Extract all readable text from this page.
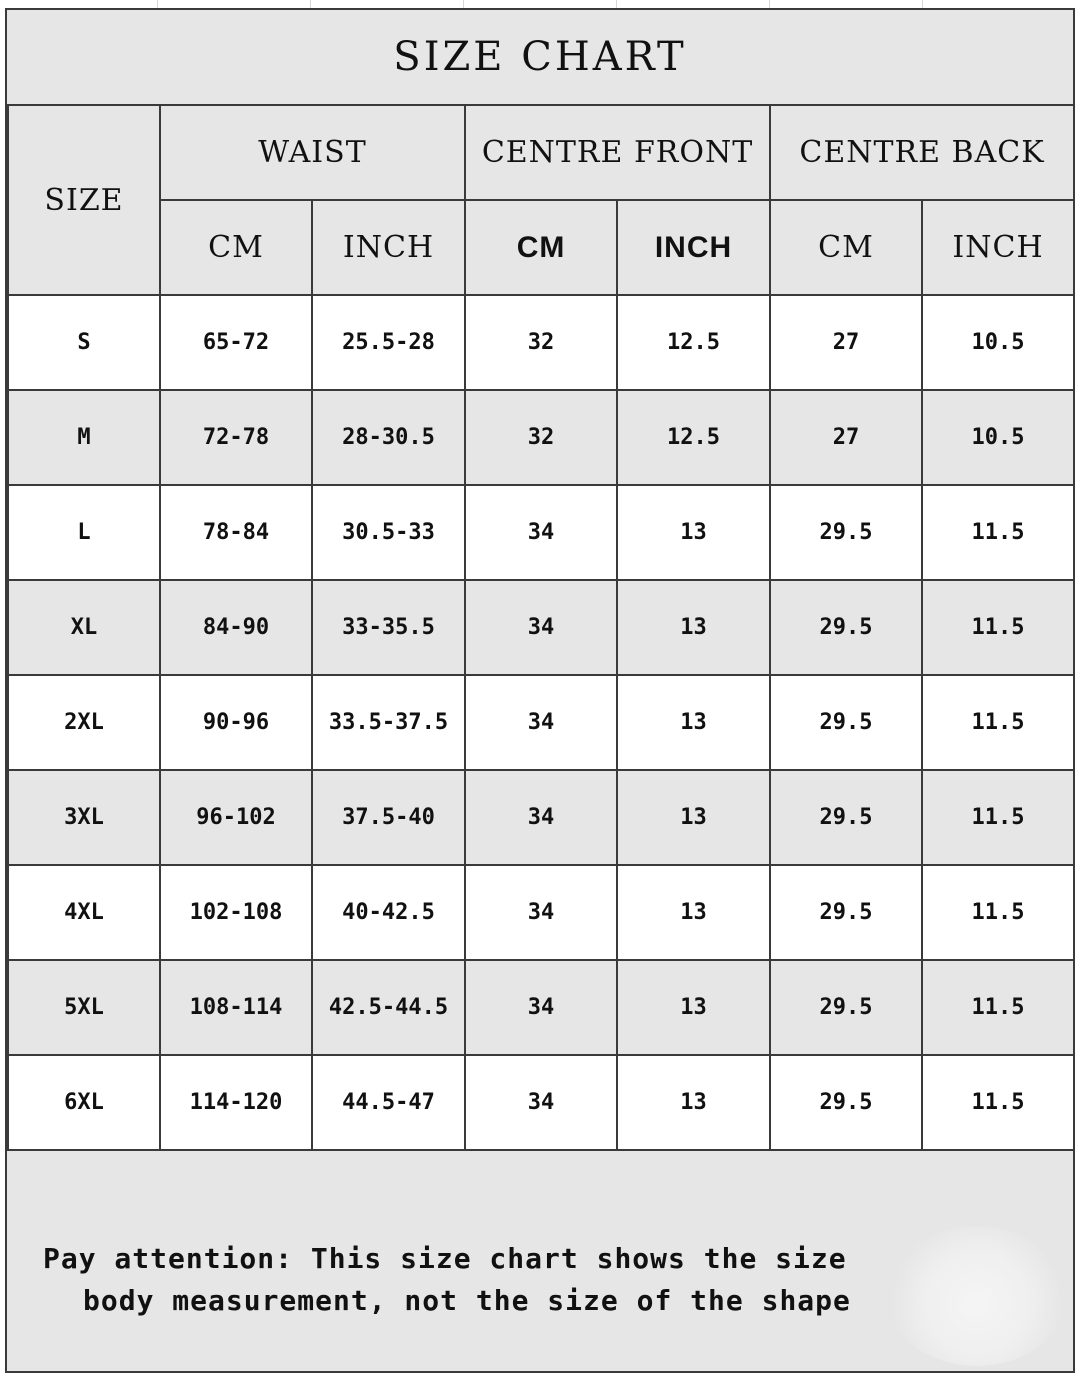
SIZE CHART
SIZE	WAIST		CENTRE FRONT		CENTRE BACK	
	CM	INCH	CM	INCH	CM	INCH
S	65-72	25.5-28	32	12.5	27	10.5
M	72-78	28-30.5	32	12.5	27	10.5
L	78-84	30.5-33	34	13	29.5	11.5
XL	84-90	33-35.5	34	13	29.5	11.5
2XL	90-96	33.5-37.5	34	13	29.5	11.5
3XL	96-102	37.5-40	34	13	29.5	11.5
4XL	102-108	40-42.5	34	13	29.5	11.5
5XL	108-114	42.5-44.5	34	13	29.5	11.5
6XL	114-120	44.5-47	34	13	29.5	11.5
Pay attention: This size chart shows the size
body measurement, not the size of the shape
